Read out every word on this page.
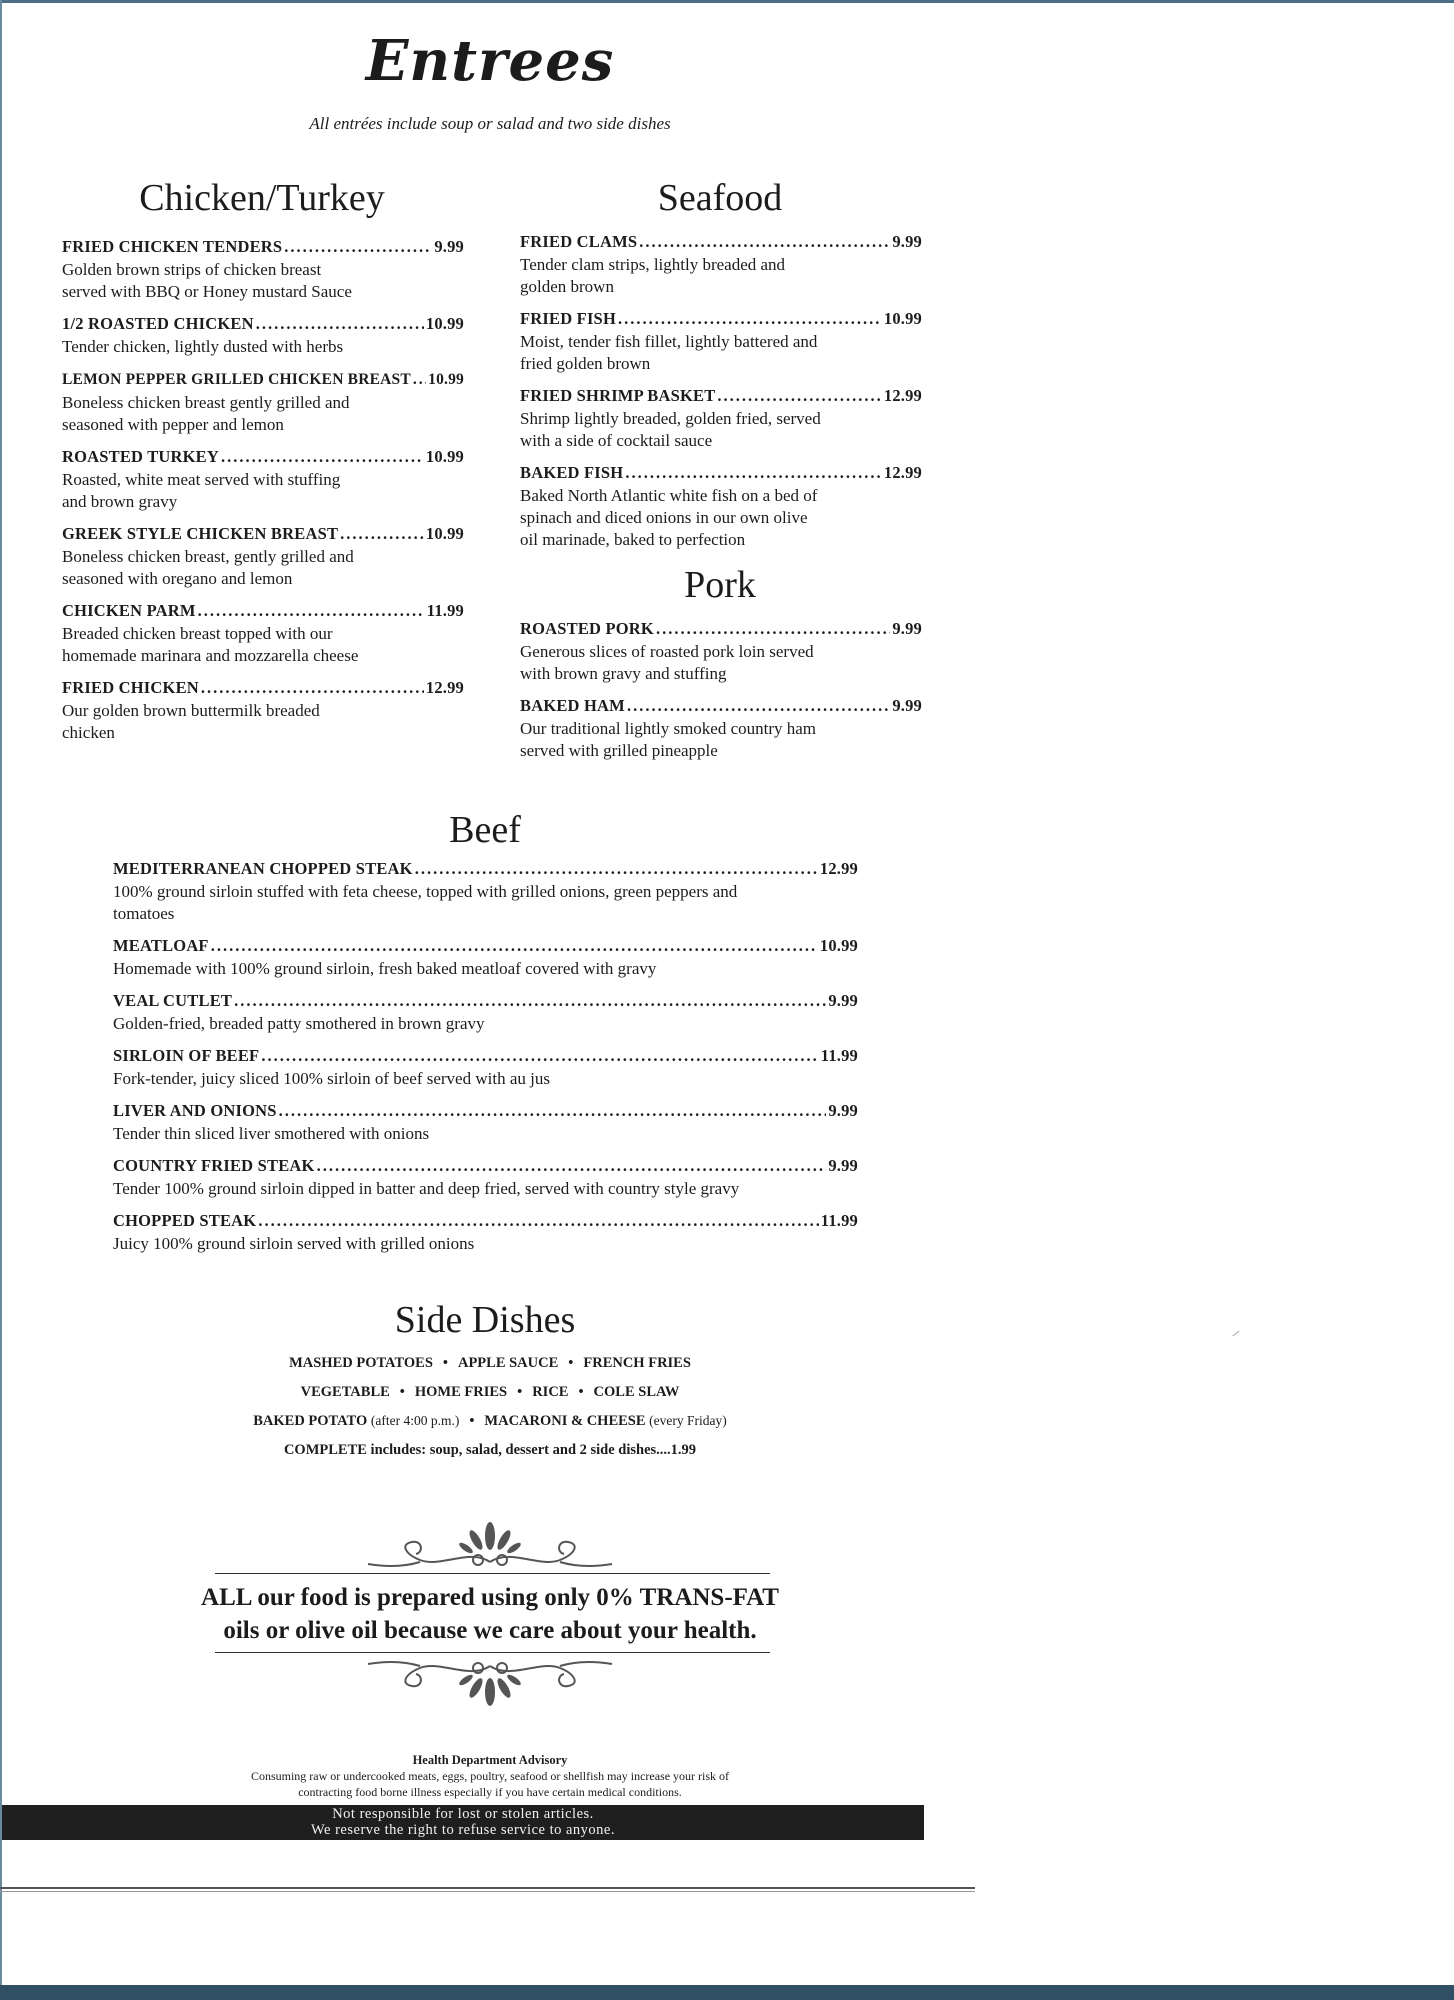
Entrees
All entrées include soup or salad and two side dishes
Chicken/Turkey	Seafood
Pork
Beef
FRIED CHICKEN TENDERS .....	9.99
Golden brown strips of chicken breast
served with BBQ or Honey mustard Sauce
1/2 ROASTED CHICKEN .....	10.99
Tender chicken, lightly dusted with herbs
LEMON PEPPER GRILLED CHICKEN BREAST ..... 10.99
Boneless chicken breast gently grilled and
seasoned with pepper and lemon
ROASTED TURKEY .....	10.99
Roasted, white meat served with stuffing
and brown gravy
GREEK STYLE CHICKEN BREAST .....	10.99
Boneless chicken breast, gently grilled and
seasoned with oregano and lemon
CHICKEN PARM .....	11.99
Breaded chicken breast topped with our
homemade marinara and mozzarella cheese
FRIED CHICKEN .....	12.99
Our golden brown buttermilk breaded
chicken
FRIED CLAMS .....	9.99
Tender clam strips, lightly breaded and
golden brown
FRIED FISH .....	10.99
Moist, tender fish fillet, lightly battered and
fried golden brown
FRIED SHRIMP BASKET .....	12.99
Shrimp lightly breaded, golden fried, served
with a side of cocktail sauce
BAKED FISH .....	12.99
Baked North Atlantic white fish on a bed of
spinach and diced onions in our own olive
oil marinade, baked to perfection
ROASTED PORK .....	9.99
Generous slices of roasted pork loin served
with brown gravy and stuffing
BAKED HAM .....	9.99
Our traditional lightly smoked country ham
served with grilled pineapple
MEDITERRANEAN CHOPPED STEAK .....	12.99
100% ground sirloin stuffed with feta cheese, topped with grilled onions, green peppers and
tomatoes
MEATLOAF .....	10.99
Homemade with 100% ground sirloin, fresh baked meatloaf covered with gravy
VEAL CUTLET .....	9.99
Golden-fried, breaded patty smothered in brown gravy
SIRLOIN OF BEEF .....	11.99
Fork-tender, juicy sliced 100% sirloin of beef served with au jus
LIVER AND ONIONS .....	9.99
Tender thin sliced liver smothered with onions
COUNTRY FRIED STEAK .....	9.99
Tender 100% ground sirloin dipped in batter and deep fried, served with country style gravy
CHOPPED STEAK .....	11.99
Juicy 100% ground sirloin served with grilled onions
Side Dishes
MASHED POTATOES • APPLE SAUCE • FRENCH FRIES
VEGETABLE • HOME FRIES • RICE • COLE SLAW
BAKED POTATO (after 4:00 p.m.) • MACARONI & CHEESE (every Friday)
COMPLETE includes: soup, salad, dessert and 2 side dishes....1.99
ALL our food is prepared using only 0% TRANS-FAT
oils or olive oil because we care about your health.
Health Department Advisory
Consuming raw or undercooked meats, eggs, poultry, seafood or shellfish may increase your risk of
contracting food borne illness especially if you have certain medical conditions.
Not responsible for lost or stolen articles.
We reserve the right to refuse service to anyone.
